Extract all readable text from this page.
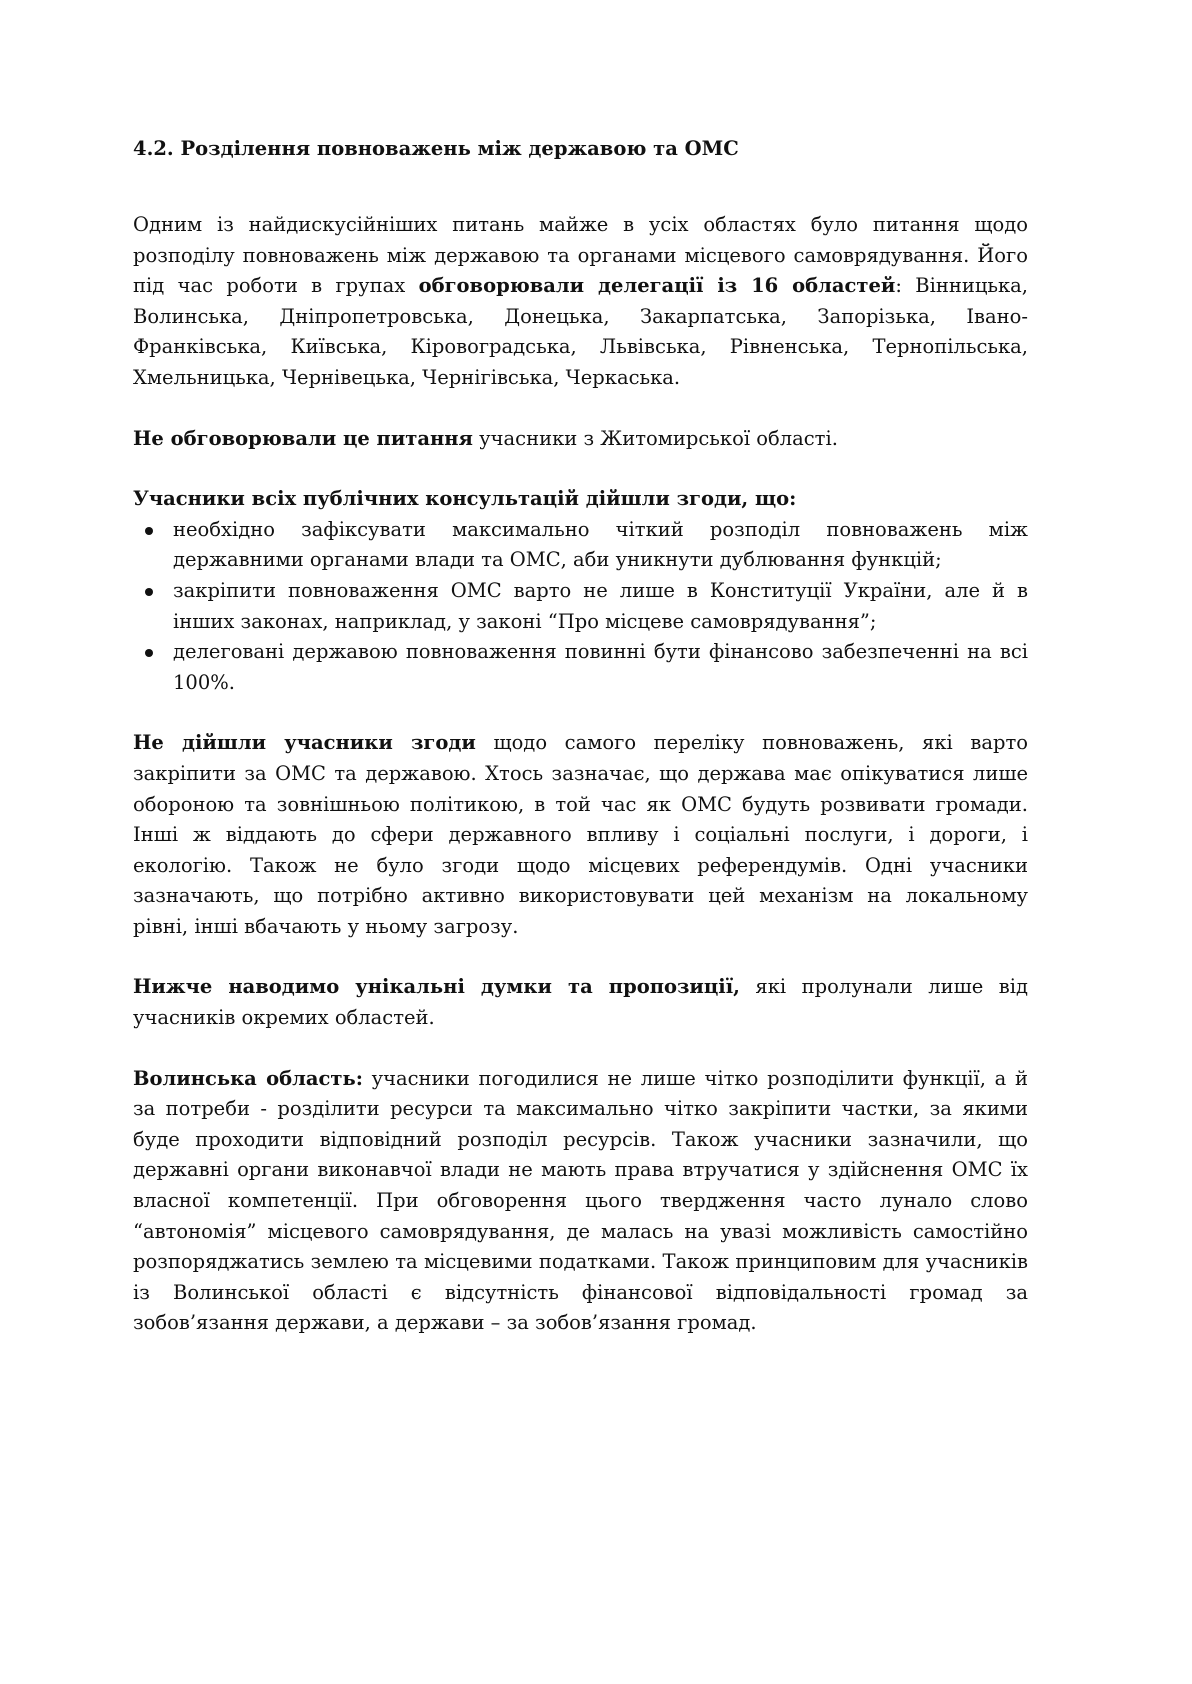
4.2. Розділення повноважень між державою та ОМС

Одним із найдискусійніших питань майже в усіх областях було питання щодо розподілу повноважень між державою та органами місцевого самоврядування. Його під час роботи в групах обговорювали делегації із 16 областей: Вінницька, Волинська, Дніпропетровська, Донецька, Закарпатська, Запорізька, Івано-Франківська, Київська, Кіровоградська, Львівська, Рівненська, Тернопільська, Хмельницька, Чернівецька, Чернігівська, Черкаська.

Не обговорювали це питання учасники з Житомирської області.

Учасники всіх публічних консультацій дійшли згоди, що:

необхідно зафіксувати максимально чіткий розподіл повноважень між державними органами влади та ОМС, аби уникнути дублювання функцій;
закріпити повноваження ОМС варто не лише в Конституції України, але й в інших законах, наприклад, у законі “Про місцеве самоврядування”;
делеговані державою повноваження повинні бути фінансово забезпеченні на всі 100%.

Не дійшли учасники згоди щодо самого переліку повноважень, які варто закріпити за ОМС та державою. Хтось зазначає, що держава має опікуватися лише обороною та зовнішньою політикою, в той час як ОМС будуть розвивати громади. Інші ж віддають до сфери державного впливу і соціальні послуги, і дороги, і екологію. Також не було згоди щодо місцевих референдумів. Одні учасники зазначають, що потрібно активно використовувати цей механізм на локальному рівні, інші вбачають у ньому загрозу.

Нижче наводимо унікальні думки та пропозиції, які пролунали лише від учасників окремих областей.

Волинська область: учасники погодилися не лише чітко розподілити функції, а й за потреби - розділити ресурси та максимально чітко закріпити частки, за якими буде проходити відповідний розподіл ресурсів. Також учасники зазначили, що державні органи виконавчої влади не мають права втручатися у здійснення ОМС їх власної компетенції. При обговорення цього твердження часто лунало слово “автономія” місцевого самоврядування, де малась на увазі можливість самостійно розпоряджатись землею та місцевими податками. Також принциповим для учасників із Волинської області є відсутність фінансової відповідальності громад за зобов’язання держави, а держави – за зобов’язання громад.
